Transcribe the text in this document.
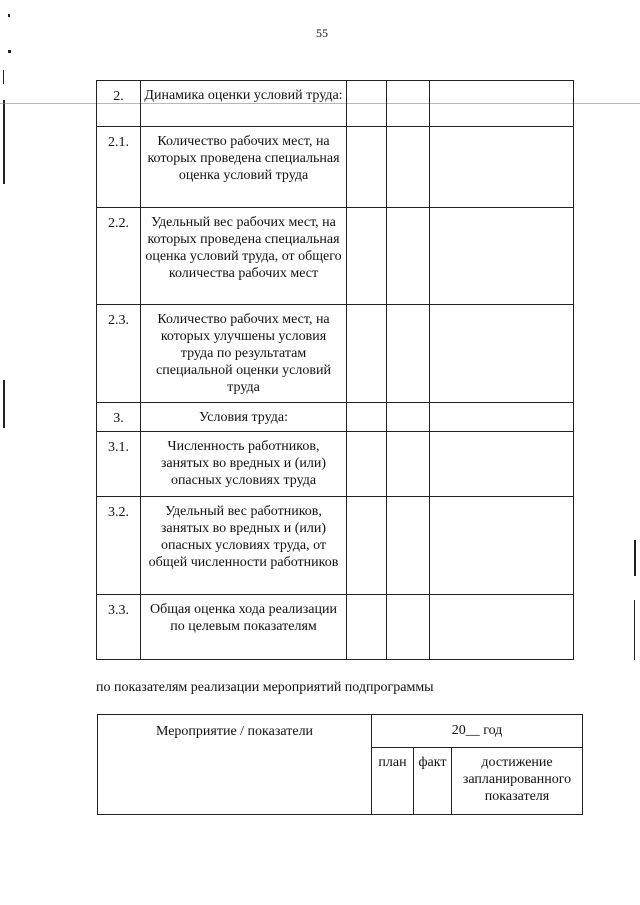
55
2.	Динамика оценки условий труда:			
2.1.	Количество рабочих мест, на которых проведена специальная оценка условий труда			
2.2.	Удельный вес рабочих мест, на которых проведена специальная оценка условий труда, от общего количества рабочих мест			
2.3.	Количество рабочих мест, на которых улучшены условия труда по результатам специальной оценки условий труда			
3.	Условия труда:			
3.1.	Численность работников, занятых во вредных и (или) опасных условиях труда			
3.2.	Удельный вес работников, занятых во вредных и (или) опасных условиях труда, от общей численности работников			
3.3.	Общая оценка хода реализации по целевым показателям			
по показателям реализации мероприятий подпрограммы
Мероприятие / показатели	20__ год		
	план	факт	достижение запланированного показателя
